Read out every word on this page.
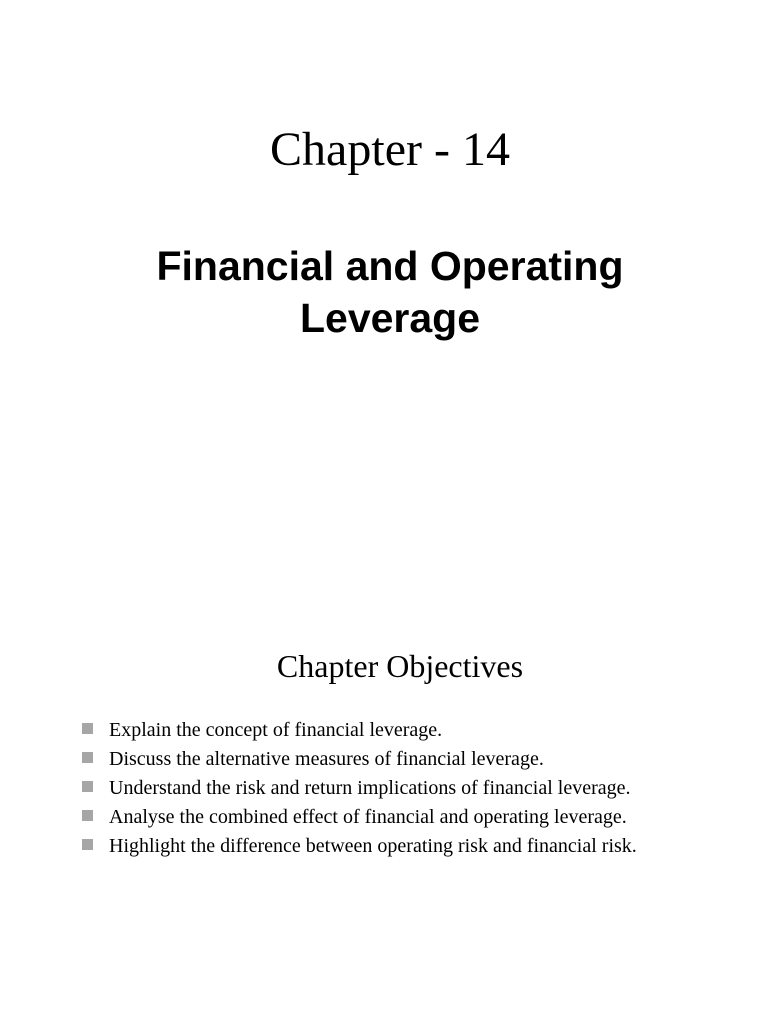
Chapter - 14
Financial and Operating
Leverage
Chapter Objectives
Explain the concept of financial leverage.
Discuss the alternative measures of financial leverage.
Understand the risk and return implications of financial leverage.
Analyse the combined effect of financial and operating leverage.
Highlight the difference between operating risk and financial risk.
